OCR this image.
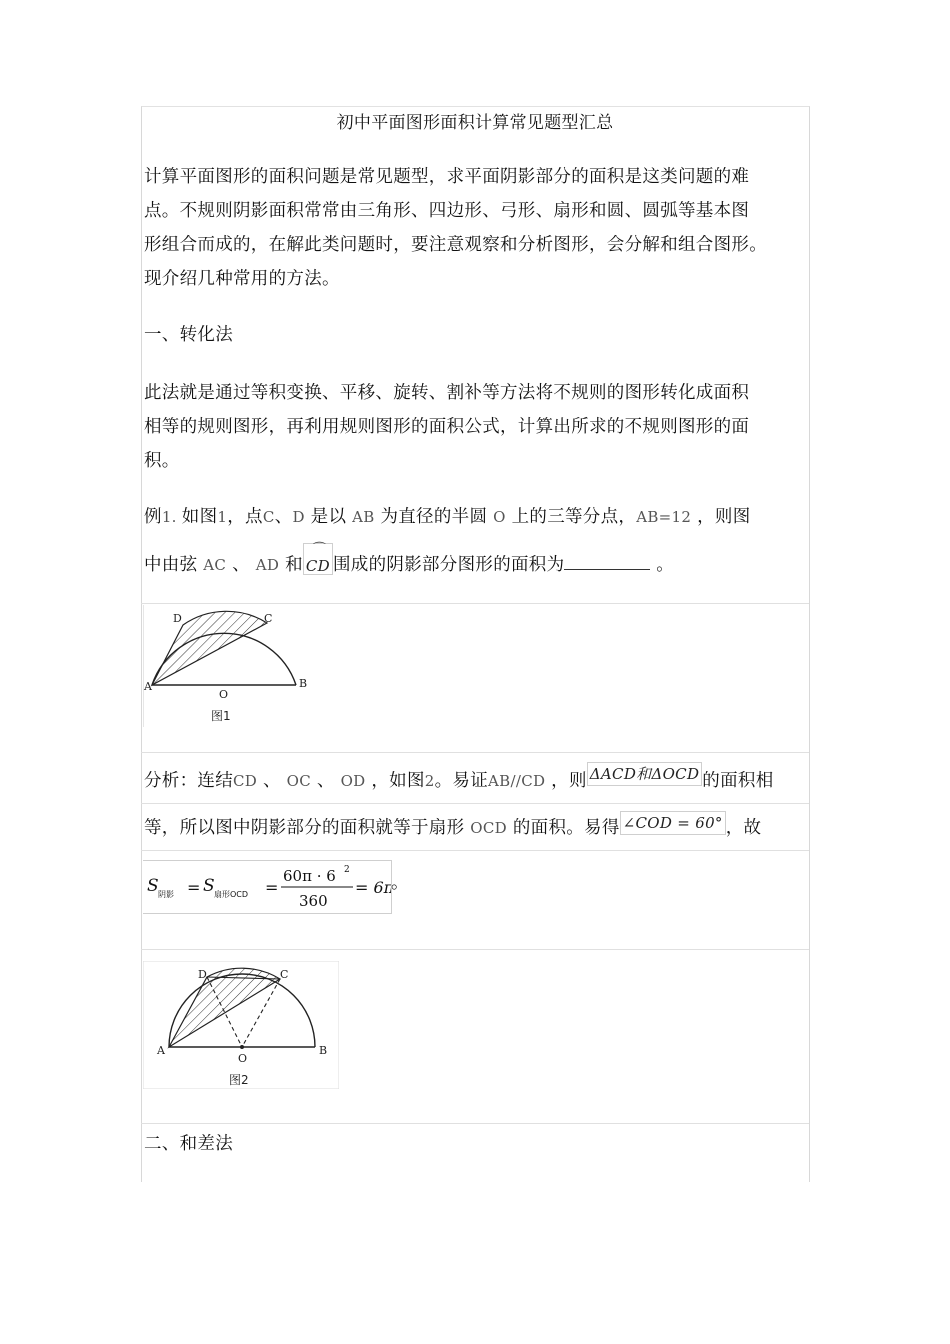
初中平面图形面积计算常见题型汇总
计算平面图形的面积问题是常见题型，求平面阴影部分的面积是这类问题的难
点。不规则阴影面积常常由三角形、四边形、弓形、扇形和圆、圆弧等基本图
形组合而成的，在解此类问题时，要注意观察和分析图形，会分解和组合图形。
现介绍几种常用的方法。
一、转化法
此法就是通过等积变换、平移、旋转、割补等方法将不规则的图形转化成面积
相等的规则图形，再利用规则图形的面积公式，计算出所求的不规则图形的面
积。
例1. 如图1，点C、D 是以 AB 为直径的半圆 O 上的三等分点，AB=12 ，则图
中由弦 AC 、 AD 和
⌒
CD 围成的阴影部分图形的面积为	。
D	C
A
O
B
图1
分析：连结CD 、 OC 、 OD ，如图2。易证AB//CD ，则 ΔACD和ΔOCD 的面积相
等，所以图中阴影部分的面积就等于扇形 OCD 的面积。易得 ∠COD = 60° ，故
S 阴影 = S 扇形OCD =
60π · 6 2
360
= 6π
。
D	C
A
O
B
图2
二、和差法
